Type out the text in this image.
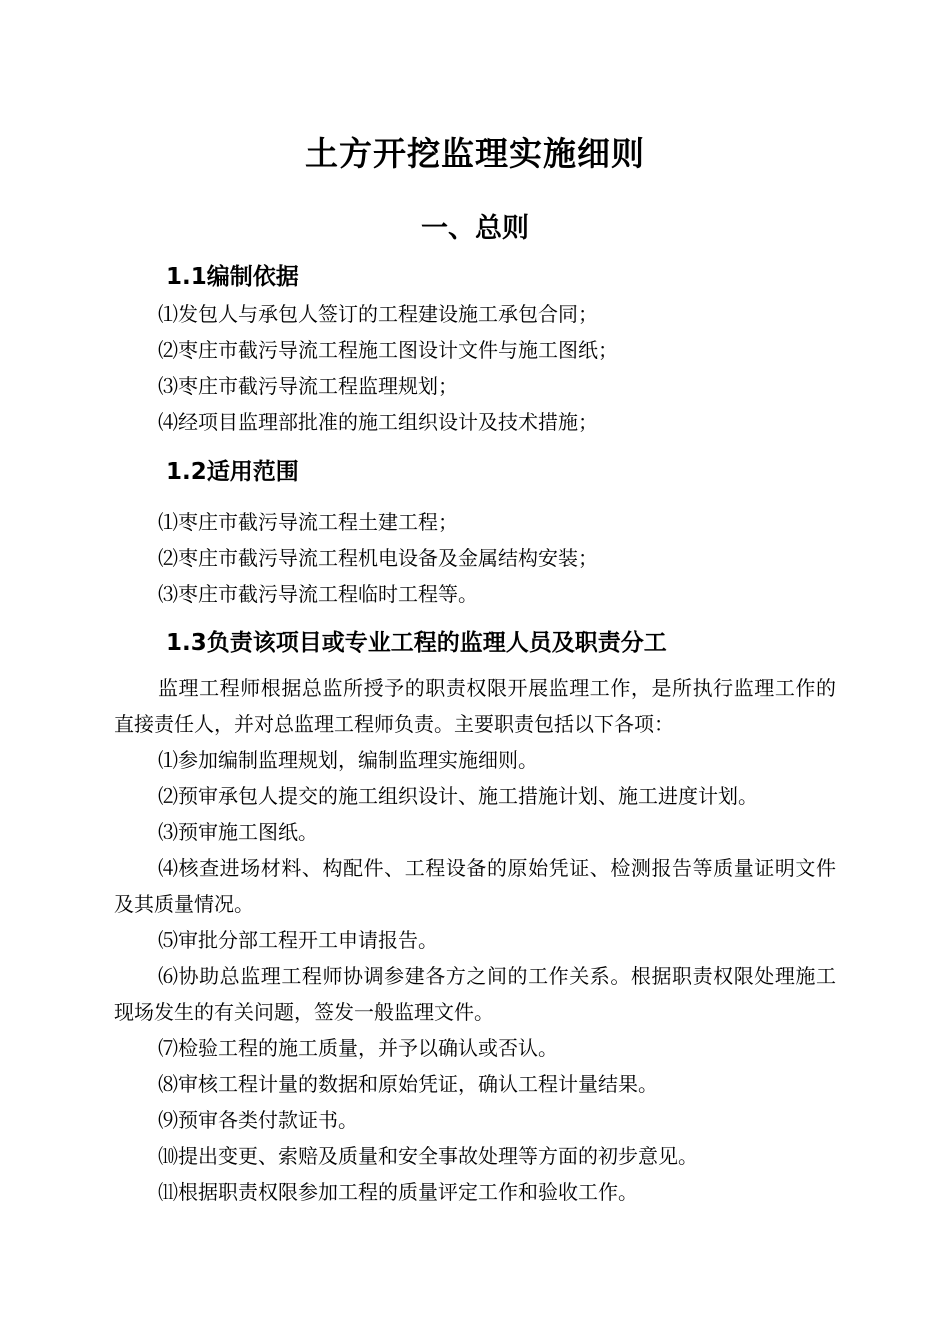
土方开挖监理实施细则
一、总则
1.1编制依据
⑴发包人与承包人签订的工程建设施工承包合同；
⑵枣庄市截污导流工程施工图设计文件与施工图纸；
⑶枣庄市截污导流工程监理规划；
⑷经项目监理部批准的施工组织设计及技术措施；
1.2适用范围
⑴枣庄市截污导流工程土建工程；
⑵枣庄市截污导流工程机电设备及金属结构安装；
⑶枣庄市截污导流工程临时工程等。
1.3负责该项目或专业工程的监理人员及职责分工
监理工程师根据总监所授予的职责权限开展监理工作，是所执行监理工作的直接责任人，并对总监理工程师负责。主要职责包括以下各项：
⑴参加编制监理规划，编制监理实施细则。
⑵预审承包人提交的施工组织设计、施工措施计划、施工进度计划。
⑶预审施工图纸。
⑷核查进场材料、构配件、工程设备的原始凭证、检测报告等质量证明文件及其质量情况。
⑸审批分部工程开工申请报告。
⑹协助总监理工程师协调参建各方之间的工作关系。根据职责权限处理施工现场发生的有关问题，签发一般监理文件。
⑺检验工程的施工质量，并予以确认或否认。
⑻审核工程计量的数据和原始凭证，确认工程计量结果。
⑼预审各类付款证书。
⑽提出变更、索赔及质量和安全事故处理等方面的初步意见。
⑾根据职责权限参加工程的质量评定工作和验收工作。
